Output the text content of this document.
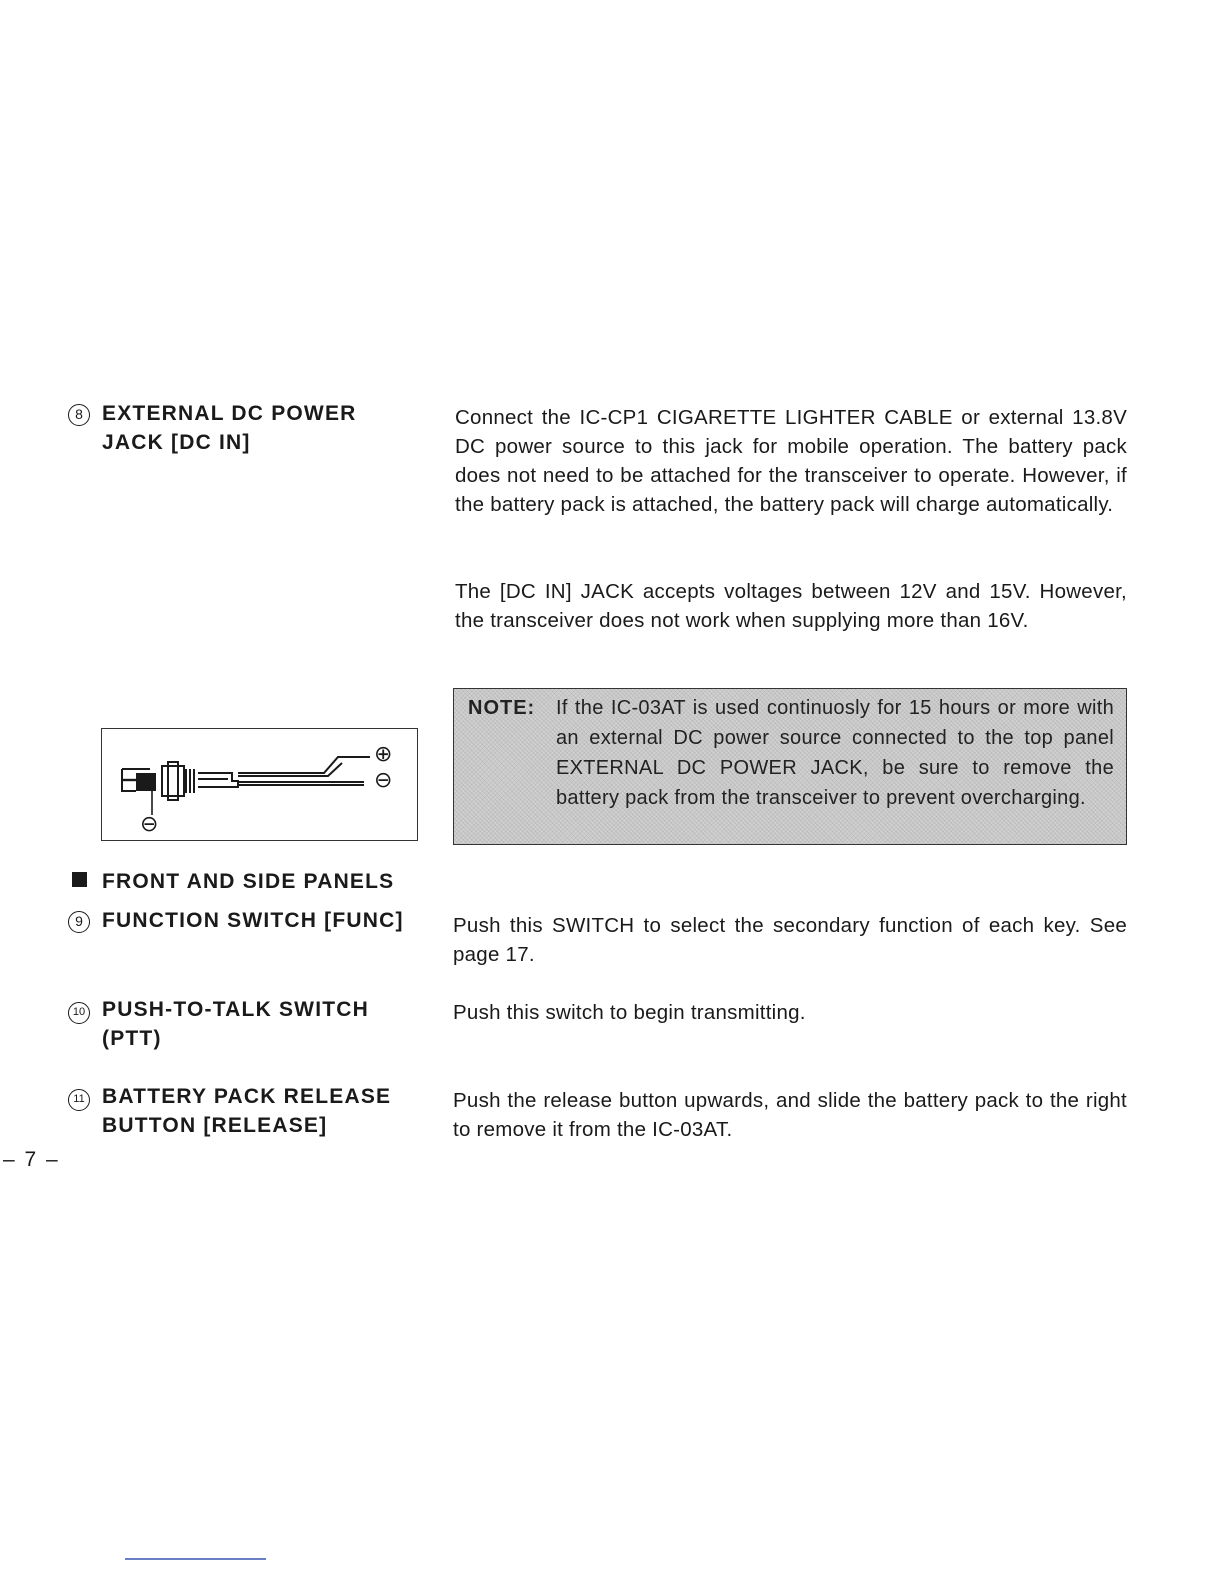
8 EXTERNAL DC POWER
JACK [DC IN]
Connect the IC-CP1 CIGARETTE LIGHTER CABLE or external 13.8V DC power source to this jack for mobile operation. The battery pack does not need to be attached for the transceiver to operate. However, if the battery pack is attached, the battery pack will charge automatically.
The [DC IN] JACK accepts voltages between 12V and 15V. However, the transceiver does not work when supplying more than 16V.
NOTE: If the IC-03AT is used continuosly for 15 hours or more with an external DC power source connected to the top panel EXTERNAL DC POWER JACK, be sure to remove the battery pack from the transceiver to prevent overcharging.
⊕
⊖
⊖
FRONT AND SIDE PANELS
9 FUNCTION SWITCH [FUNC] Push this SWITCH to select the secondary function of each key. See page 17.
10 PUSH-TO-TALK SWITCH
(PTT)
Push this switch to begin transmitting.
11 BATTERY PACK RELEASE
BUTTON [RELEASE]
Push the release button upwards, and slide the battery pack to the right to remove it from the IC-03AT.
– 7 –
